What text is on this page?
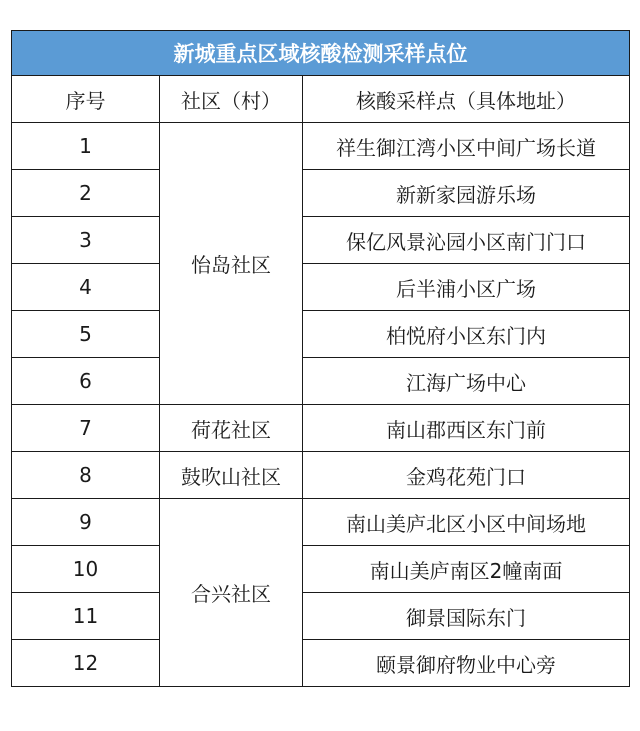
新城重点区域核酸检测采样点位		
序号	社区（村）	核酸采样点（具体地址）
1	怡岛社区	祥生御江湾小区中间广场长道
2		新新家园游乐场
3		保亿风景沁园小区南门门口
4		后半浦小区广场
5		柏悦府小区东门内
6		江海广场中心
7	荷花社区	南山郡西区东门前
8	鼓吹山社区	金鸡花苑门口
9	合兴社区	南山美庐北区小区中间场地
10		南山美庐南区2幢南面
11		御景国际东门
12		颐景御府物业中心旁
